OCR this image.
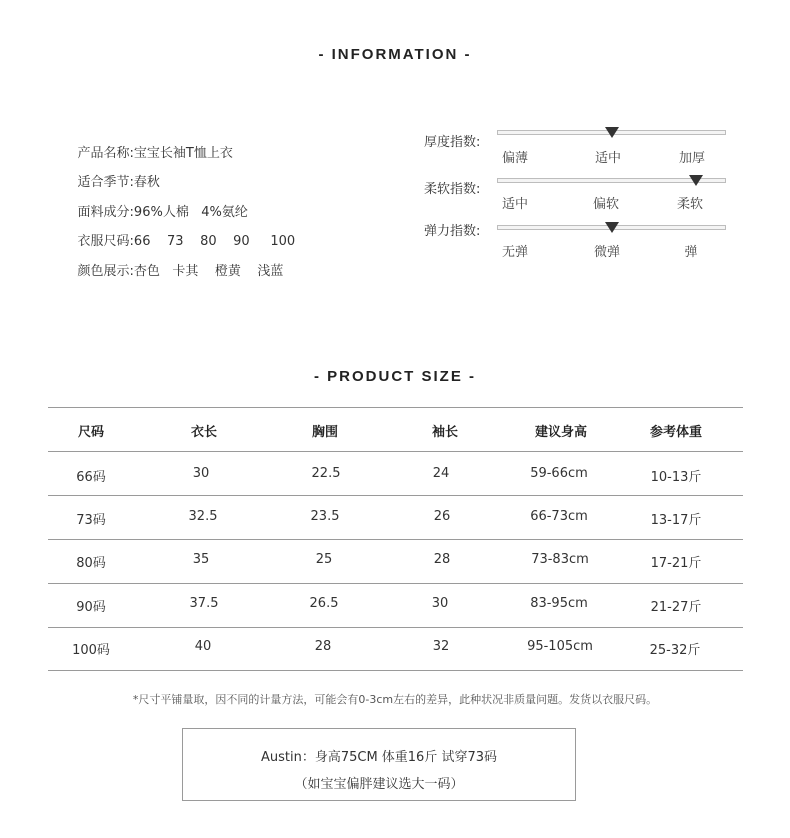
- INFORMATION -

产品名称:宝宝长袖T恤上衣

适合季节:春秋

面料成分:96%人棉   4%氨纶

衣服尺码:66    73    80    90     100

颜色展示:杏色   卡其    橙黄    浅蓝

厚度指数:
偏薄	适中	加厚
柔软指数:
适中	偏软	柔软
弹力指数:
无弹	微弹	弹
- PRODUCT SIZE -
尺码	衣长	胸围	袖长	建议身高	参考体重
66码	30	22.5	24	59-66cm	10-13斤
73码	32.5	23.5	26	66-73cm	13-17斤
80码	35	25	28	73-83cm	17-21斤
90码	37.5	26.5	30	83-95cm	21-27斤
100码	40	28	32	95-105cm	25-32斤
*尺寸平铺量取，因不同的计量方法，可能会有0-3cm左右的差异，此种状况非质量问题。发货以衣服尺码。
Austin：身高75CM 体重16斤 试穿73码
（如宝宝偏胖建议选大一码）
